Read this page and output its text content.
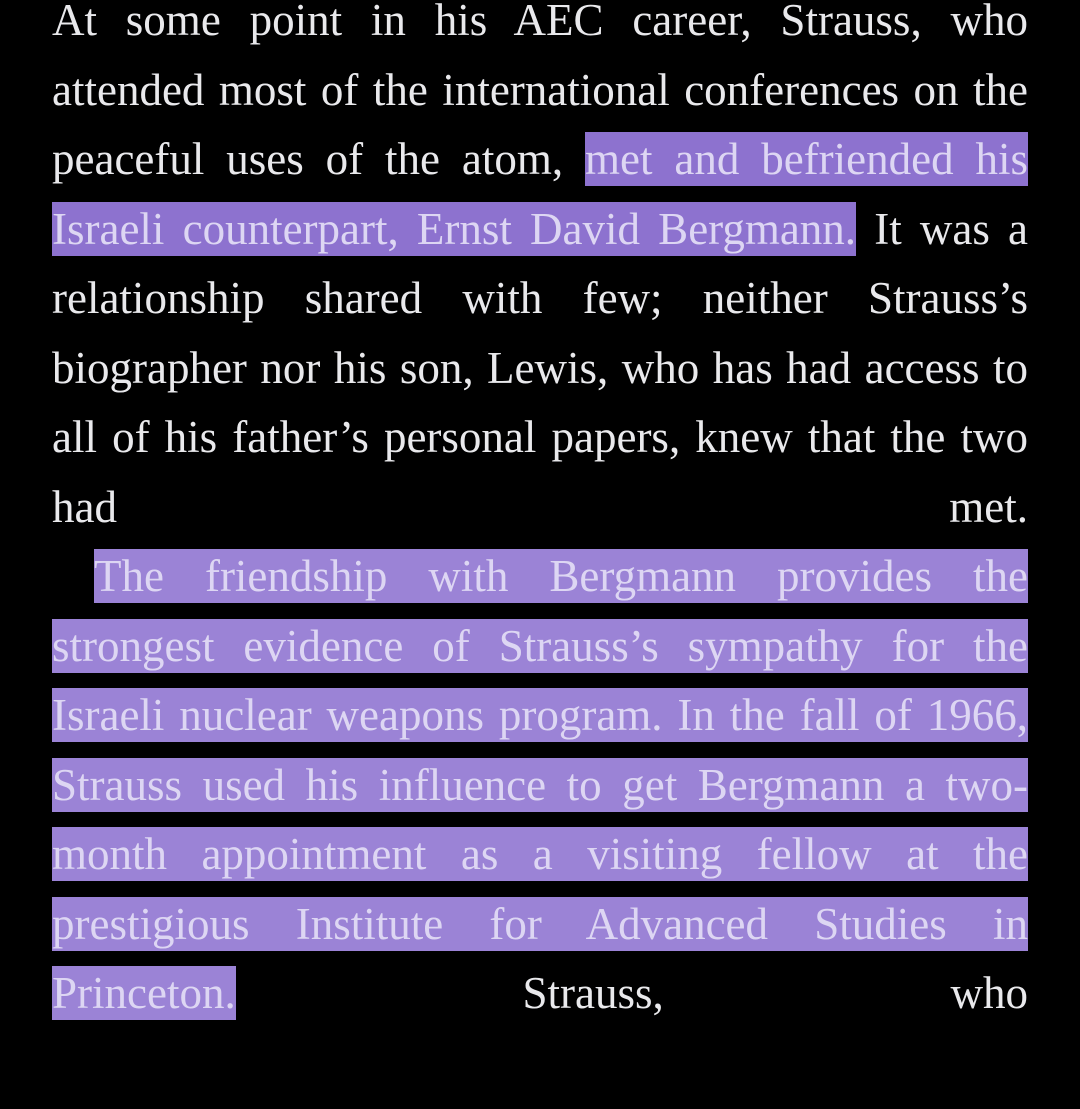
At some point in his AEC career, Strauss, who attended most of the international conferences on the peaceful uses of the atom, met and befriended his Israeli counterpart, Ernst David Bergmann. It was a relationship shared with few; neither Strauss’s biographer nor his son, Lewis, who has had access to all of his father’s personal papers, knew that the two had met.

The friendship with Bergmann provides the strongest evidence of Strauss’s sympathy for the Israeli nuclear weapons program. In the fall of 1966, Strauss used his influence to get Bergmann a two-month appointment as a visiting fellow at the prestigious Institute for Advanced Studies in Princeton. Strauss, who
